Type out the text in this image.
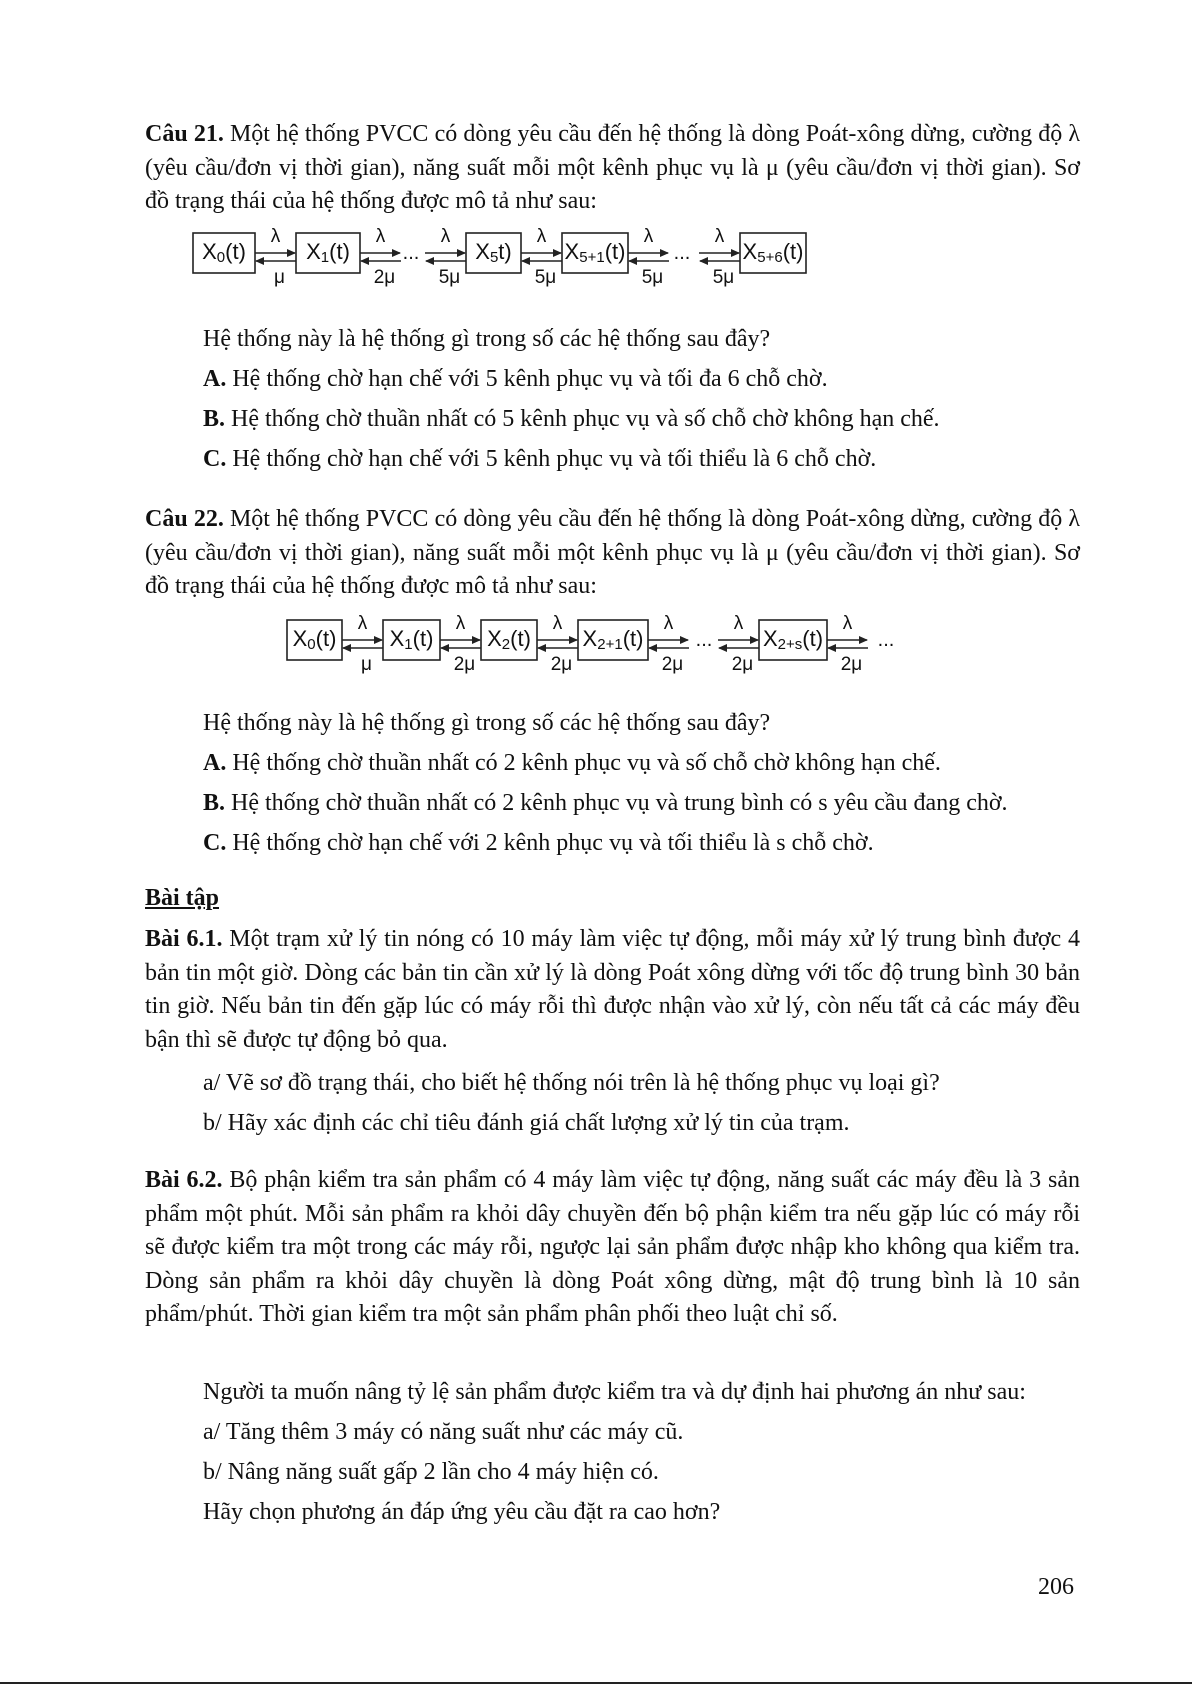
Câu 21. Một hệ thống PVCC có dòng yêu cầu đến hệ thống là dòng Poát-xông dừng, cường độ λ (yêu cầu/đơn vị thời gian), năng suất mỗi một kênh phục vụ là μ (yêu cầu/đơn vị thời gian). Sơ đồ trạng thái của hệ thống được mô tả như sau:

$X_0(t)$	$X_1(t)$	$X_5t$) $X_{5+1}(t)$	$X_{5+6}(t)$
λ
μ
λ
2μ
...
λ
5μ
λ
5μ
λ
5μ
...
λ
5μ

Hệ thống này là hệ thống gì trong số các hệ thống sau đây?

A. Hệ thống chờ hạn chế với 5 kênh phục vụ và tối đa 6 chỗ chờ.

B. Hệ thống chờ thuần nhất có 5 kênh phục vụ và số chỗ chờ không hạn chế.

C. Hệ thống chờ hạn chế với 5 kênh phục vụ và tối thiểu là 6 chỗ chờ.

Câu 22. Một hệ thống PVCC có dòng yêu cầu đến hệ thống là dòng Poát-xông dừng, cường độ λ (yêu cầu/đơn vị thời gian), năng suất mỗi một kênh phục vụ là μ (yêu cầu/đơn vị thời gian). Sơ đồ trạng thái của hệ thống được mô tả như sau:

$X_0(t)$ $X_1(t)$ $X_2(t)$ $X_{2+1}(t)$	$X_{2+s}(t)$
λ
μ
λ
2μ
λ
2μ
λ
2μ
...
λ
2μ
λ
2μ
...

Hệ thống này là hệ thống gì trong số các hệ thống sau đây?

A. Hệ thống chờ thuần nhất có 2 kênh phục vụ và số chỗ chờ không hạn chế.

B. Hệ thống chờ thuần nhất có 2 kênh phục vụ và trung bình có s yêu cầu đang chờ.

C. Hệ thống chờ hạn chế với 2 kênh phục vụ và tối thiểu là s chỗ chờ.

Bài tập

Bài 6.1. Một trạm xử lý tin nóng có 10 máy làm việc tự động, mỗi máy xử lý trung bình được 4 bản tin một giờ. Dòng các bản tin cần xử lý là dòng Poát xông dừng với tốc độ trung bình 30 bản tin giờ. Nếu bản tin đến gặp lúc có máy rỗi thì được nhận vào xử lý, còn nếu tất cả các máy đều bận thì sẽ được tự động bỏ qua.

a/ Vẽ sơ đồ trạng thái, cho biết hệ thống nói trên là hệ thống phục vụ loại gì?

b/ Hãy xác định các chỉ tiêu đánh giá chất lượng xử lý tin của trạm.

Bài 6.2. Bộ phận kiểm tra sản phẩm có 4 máy làm việc tự động, năng suất các máy đều là 3 sản phẩm một phút. Mỗi sản phẩm ra khỏi dây chuyền đến bộ phận kiểm tra nếu gặp lúc có máy rỗi sẽ được kiểm tra một trong các máy rỗi, ngược lại sản phẩm được nhập kho không qua kiểm tra. Dòng sản phẩm ra khỏi dây chuyền là dòng Poát xông dừng, mật độ trung bình là 10 sản phẩm/phút. Thời gian kiểm tra một sản phẩm phân phối theo luật chỉ số.

Người ta muốn nâng tỷ lệ sản phẩm được kiểm tra và dự định hai phương án như sau:

a/ Tăng thêm 3 máy có năng suất như các máy cũ.

b/ Nâng năng suất gấp 2 lần cho 4 máy hiện có.

Hãy chọn phương án đáp ứng yêu cầu đặt ra cao hơn?

206
